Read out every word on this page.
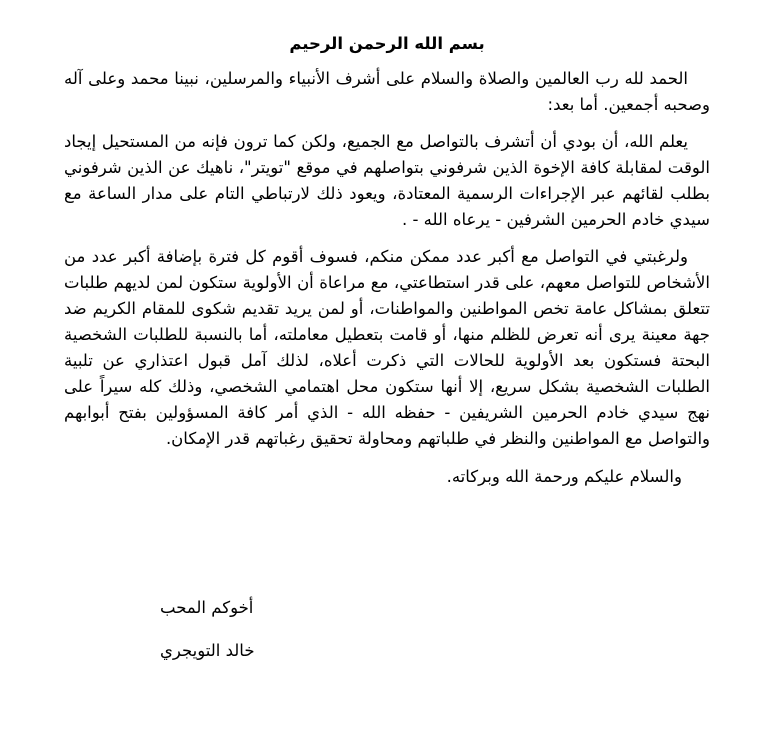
بسم الله الرحمن الرحيم

الحمد لله رب العالمين والصلاة والسلام على أشرف الأنبياء والمرسلين، نبينا محمد وعلى آله وصحبه أجمعين. أما بعد:

يعلم الله، أن بودي أن أتشرف بالتواصل مع الجميع، ولكن كما ترون فإنه من المستحيل إيجاد الوقت لمقابلة كافة الإخوة الذين شرفوني بتواصلهم في موقع "تويتر"، ناهيك عن الذين شرفوني بطلب لقائهم عبر الإجراءات الرسمية المعتادة، ويعود ذلك لارتباطي التام على مدار الساعة مع سيدي خادم الحرمين الشرفين - يرعاه الله - .

ولرغبتي في التواصل مع أكبر عدد ممكن منكم، فسوف أقوم كل فترة بإضافة أكبر عدد من الأشخاص للتواصل معهم، على قدر استطاعتي، مع مراعاة أن الأولوية ستكون لمن لديهم طلبات تتعلق بمشاكل عامة تخص المواطنين والمواطنات، أو لمن يريد تقديم شكوى للمقام الكريم ضد جهة معينة يرى أنه تعرض للظلم منها، أو قامت بتعطيل معاملته، أما بالنسبة للطلبات الشخصية البحتة فستكون بعد الأولوية للحالات التي ذكرت أعلاه، لذلك آمل قبول اعتذاري عن تلبية الطلبات الشخصية بشكل سريع، إلا أنها ستكون محل اهتمامي الشخصي، وذلك كله سيراً على نهج سيدي خادم الحرمين الشريفين - حفظه الله - الذي أمر كافة المسؤولين بفتح أبوابهم والتواصل مع المواطنين والنظر في طلباتهم ومحاولة تحقيق رغباتهم قدر الإمكان.

والسلام عليكم ورحمة الله وبركاته.
أخوكم المحب
خالد التويجري
